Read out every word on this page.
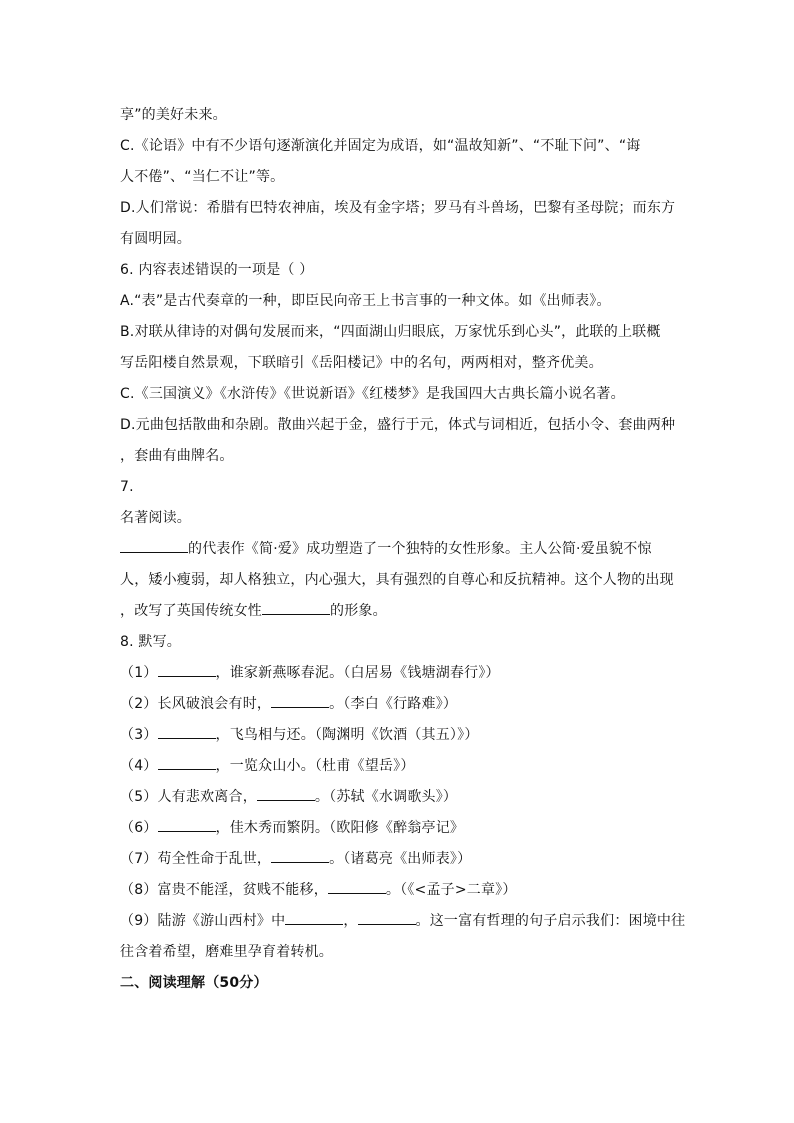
享”的美好未来。
C.《论语》中有不少语句逐渐演化并固定为成语，如“温故知新”、“不耻下问”、“诲
人不倦”、“当仁不让”等。
D.人们常说：希腊有巴特农神庙，埃及有金字塔；罗马有斗兽场，巴黎有圣母院；而东方
有圆明园。
6. 内容表述错误的一项是（ ）
A.“表”是古代奏章的一种，即臣民向帝王上书言事的一种文体。如《出师表》。
B.对联从律诗的对偶句发展而来，“四面湖山归眼底，万家忧乐到心头”，此联的上联概
写岳阳楼自然景观，下联暗引《岳阳楼记》中的名句，两两相对，整齐优美。
C.《三国演义》《水浒传》《世说新语》《红楼梦》是我国四大古典长篇小说名著。
D.元曲包括散曲和杂剧。散曲兴起于金，盛行于元，体式与词相近，包括小令、套曲两种
，套曲有曲牌名。
7.
名著阅读。
的代表作《简·爱》成功塑造了一个独特的女性形象。主人公简·爱虽貌不惊
人，矮小瘦弱，却人格独立，内心强大，具有强烈的自尊心和反抗精神。这个人物的出现
，改写了英国传统女性	的形象。
8. 默写。
（1）	，谁家新燕啄春泥。（白居易《钱塘湖春行》）
（2）长风破浪会有时，	。（李白《行路难》）
（3）	，飞鸟相与还。（陶渊明《饮酒（其五）》）
（4）	，一览众山小。（杜甫《望岳》）
（5）人有悲欢离合，	。（苏轼《水调歌头》）
（6）	，佳木秀而繁阴。（欧阳修《醉翁亭记》
（7）苟全性命于乱世，	。（诸葛亮《出师表》）
（8）富贵不能淫，贫贱不能移，	。（《<孟子>二章》）
（9）陆游《游山西村》中	，	。这一富有哲理的句子启示我们：困境中往
往含着希望，磨难里孕育着转机。
二、阅读理解（50分）
